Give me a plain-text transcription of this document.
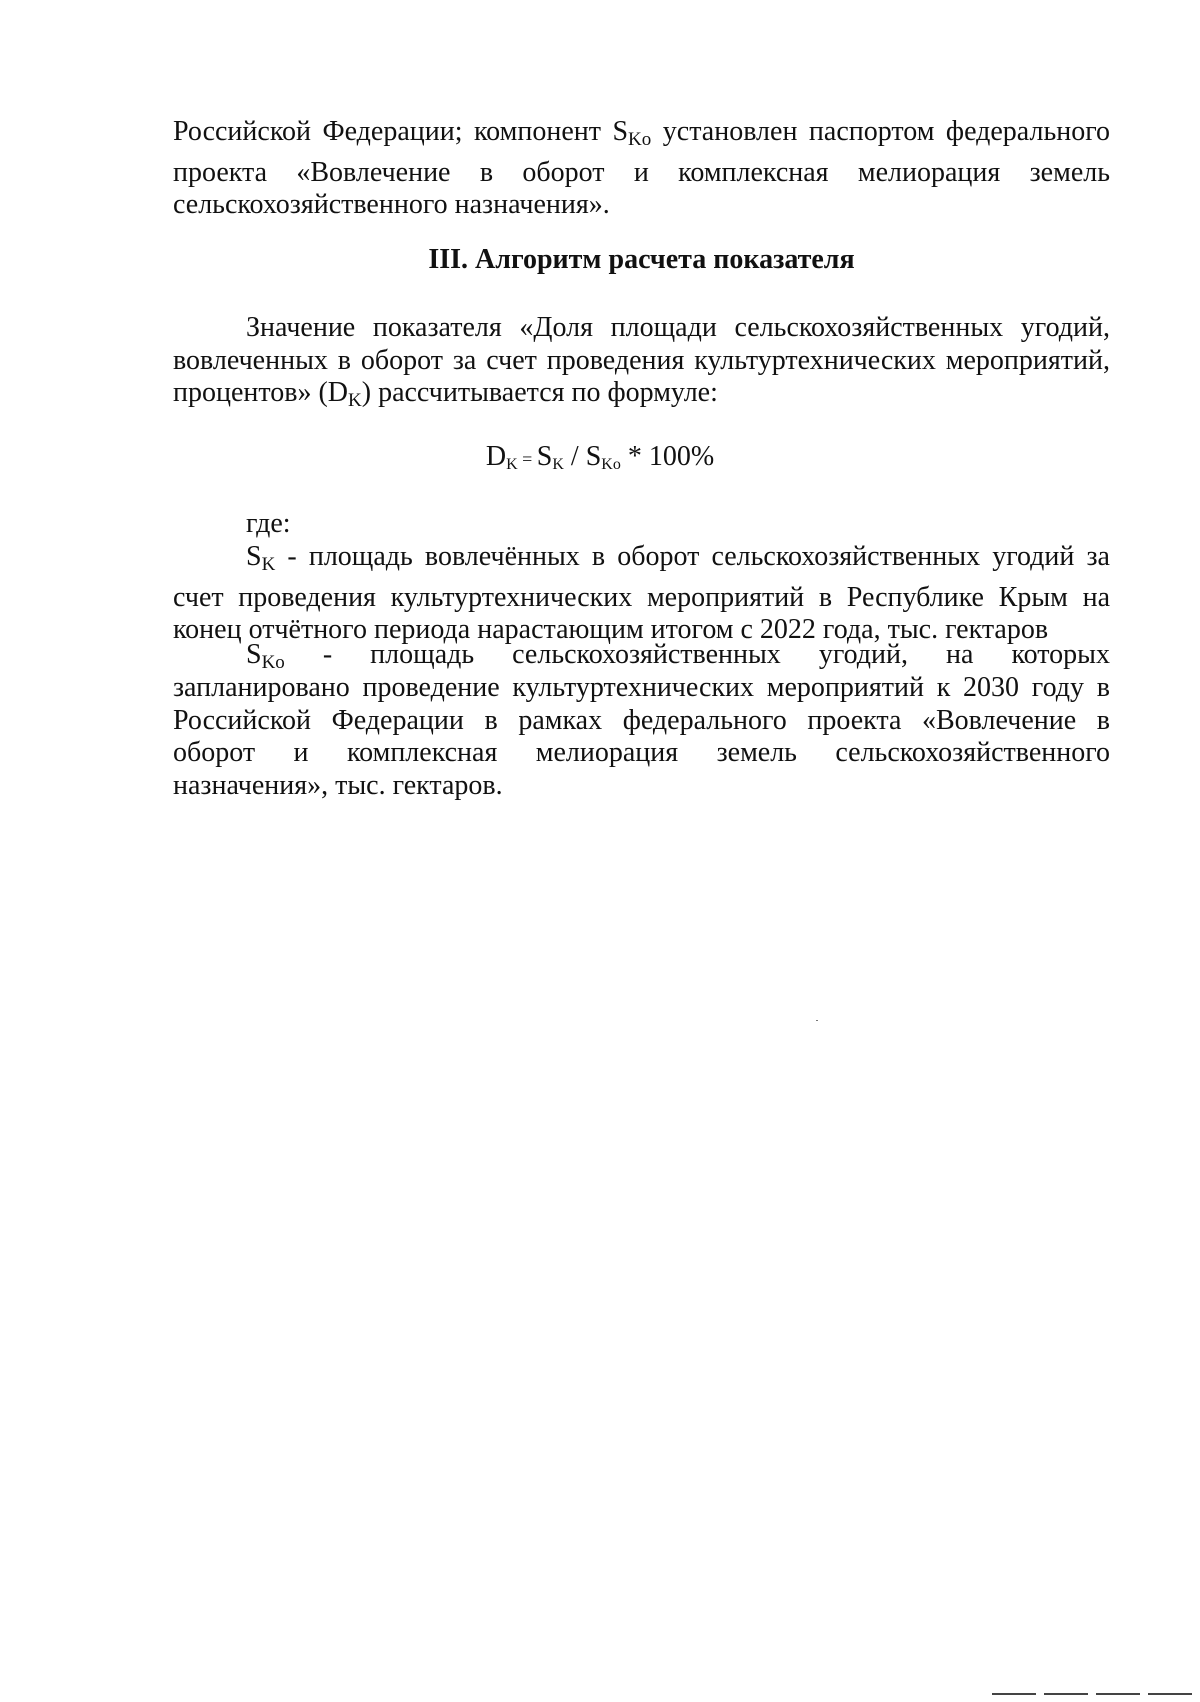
Российской Федерации; компонент $S_{Ko}$ установлен паспортом федерального
проекта «Вовлечение в оборот и комплексная мелиорация земель
сельскохозяйственного назначения».
III. Алгоритм расчета показателя
Значение показателя «Доля площади сельскохозяйственных угодий,
вовлеченных в оборот за счет проведения культуртехнических мероприятий,
процентов» $(D_K)$ рассчитывается по формуле:
DK = SK / SKo * 100%
где:
$S_K$ - площадь вовлечённых в оборот сельскохозяйственных угодий за
счет проведения культуртехнических мероприятий в Республике Крым на
конец отчётного периода нарастающим итогом с 2022 года, тыс. гектаров
$S_{Ko}$ - площадь сельскохозяйственных угодий, на которых
запланировано проведение культуртехнических мероприятий к 2030 году в
Российской Федерации в рамках федерального проекта «Вовлечение в
оборот и комплексная мелиорация земель сельскохозяйственного
назначения», тыс. гектаров.
